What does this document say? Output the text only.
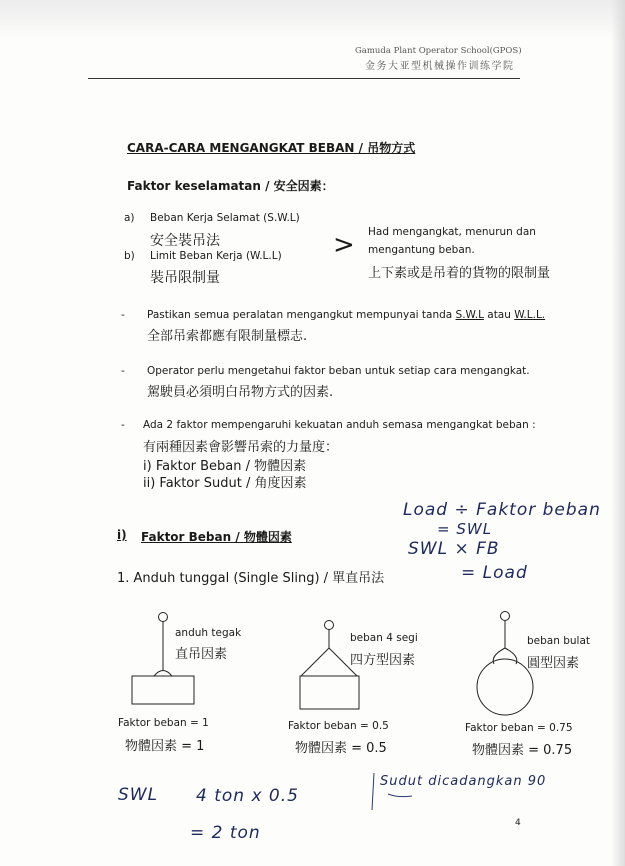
Gamuda Plant Operator School(GPOS)
金务大亚型机械操作训练学院
CARA-CARA MENGANGKAT BEBAN / 吊物方式
Faktor keselamatan / 安全因素：
a) Beban Kerja Selamat (S.W.L)
安全裝吊法
b) Limit Beban Kerja (W.L.L)
裝吊限制量
> Had mengangkat, menurun dan
mengantung beban.
上下素或是吊着的貨物的限制量
- Pastikan semua peralatan mengangkut mempunyai tanda S.W.L atau W.L.L.
全部吊索都應有限制量標志.
- Operator perlu mengetahui faktor beban untuk setiap cara mengangkat.
駕駛員必須明白吊物方式的因素.
- Ada 2 faktor mempengaruhi kekuatan anduh semasa mengangkat beban :
有兩種因素會影響吊索的力量度：
i) Faktor Beban / 物體因素
ii) Faktor Sudut / 角度因素
i) Faktor Beban / 物體因素
1. Anduh tunggal (Single Sling) / 單直吊法
anduh tegak
直吊因素
beban 4 segi
四方型因素
beban bulat
圓型因素
Faktor beban = 1
物體因素 = 1
Faktor beban = 0.5
物體因素 = 0.5
Faktor beban = 0.75
物體因素 = 0.75
Load ÷ Faktor beban
= SWL
SWL × FB
= Load
SWL 4 ton x 0.5
= 2 ton
Sudut dicadangkan 90
4
